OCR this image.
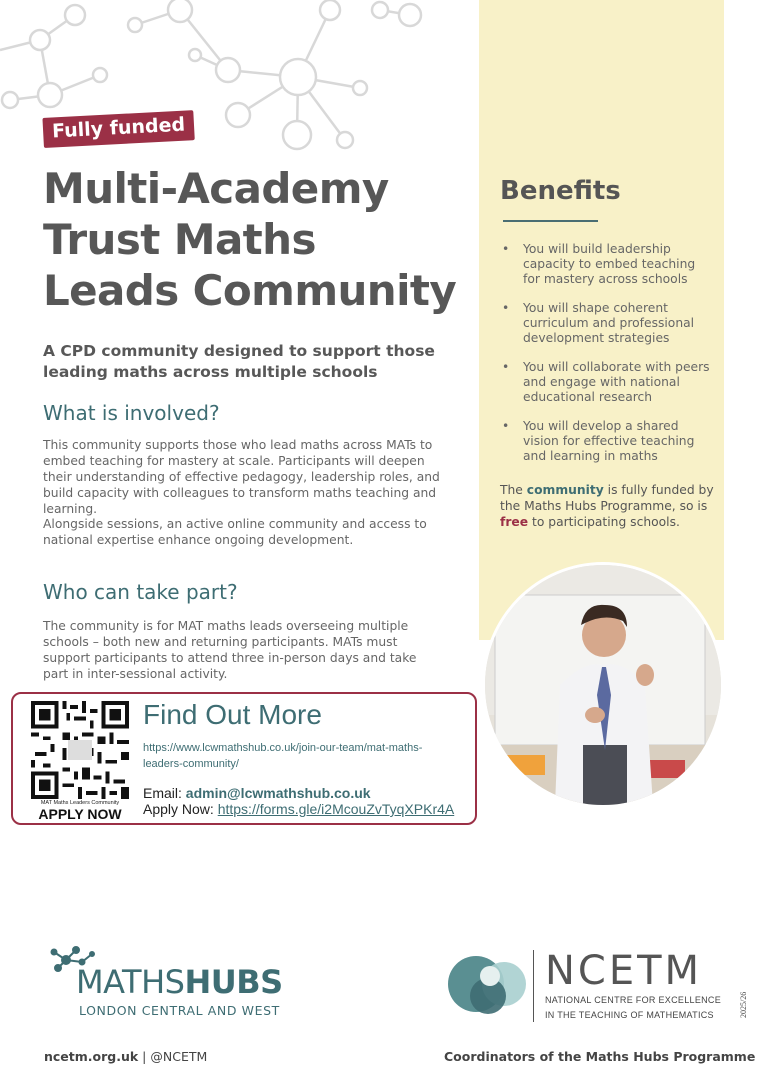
Fully funded
Multi-Academy Trust Maths Leads Community

A CPD community designed to support those leading maths across multiple schools

What is involved?

This community supports those who lead maths across MATs to embed teaching for mastery at scale. Participants will deepen their understanding of effective pedagogy, leadership roles, and build capacity with colleagues to transform maths teaching and learning.

Alongside sessions, an active online community and access to national expertise enhance ongoing development.

Who can take part?

The community is for MAT maths leads overseeing multiple schools – both new and returning participants. MATs must support participants to attend three in-person days and take part in inter-sessional activity.

Benefits
• You will build leadership capacity to embed teaching for mastery across schools
• You will shape coherent curriculum and professional development strategies
• You will collaborate with peers and engage with national educational research
• You will develop a shared vision for effective teaching and learning in maths

The community is fully funded by the Maths Hubs Programme, so is free to participating schools.

MAT Maths Leaders Community
APPLY NOW
Find Out More
https://www.lcwmathshub.co.uk/join-our-team/mat-maths-leaders-community/
Email: admin@lcwmathshub.co.uk
Apply Now: https://forms.gle/i2McouZvTyqXPKr4A
MATHSHUBS
LONDON CENTRAL AND WEST
NCETM
NATIONAL CENTRE FOR EXCELLENCE
IN THE TEACHING OF MATHEMATICS
ncetm.org.uk | @NCETM	Coordinators of the Maths Hubs Programme
2025/26
